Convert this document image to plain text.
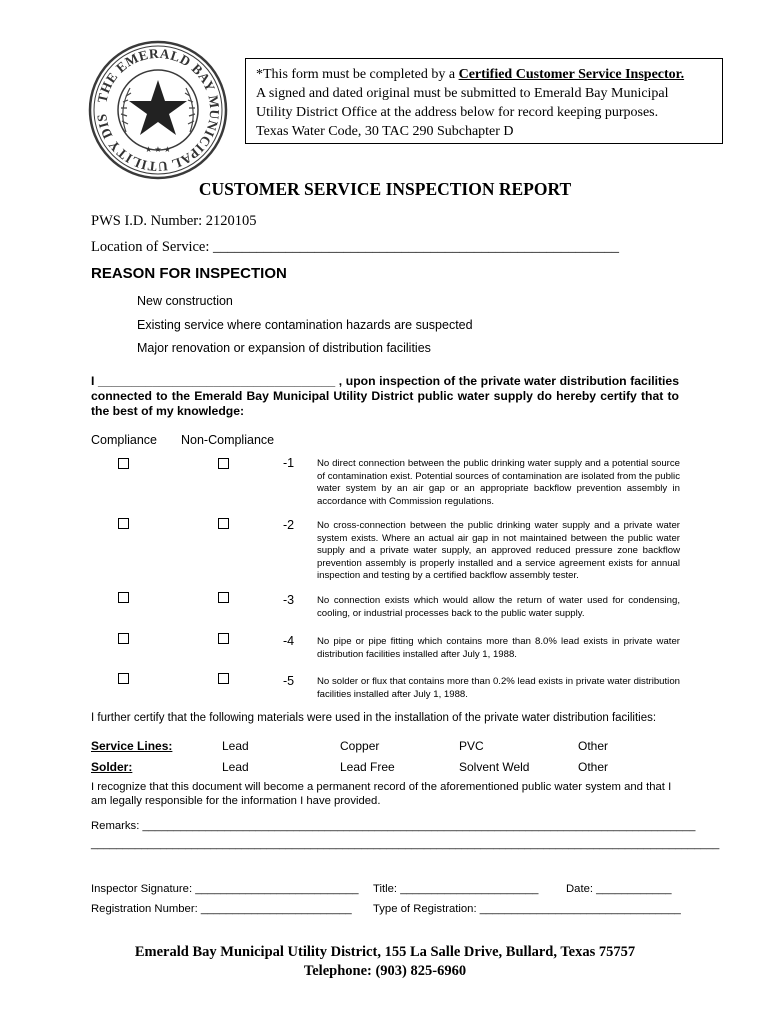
THE EMERALD BAY MUNICIPAL UTILITY DIS
★ ★ ★
*This form must be completed by a Certified Customer Service Inspector.
A signed and dated original must be submitted to Emerald Bay Municipal
Utility District Office at the address below for record keeping purposes.
Texas Water Code, 30 TAC 290 Subchapter D
CUSTOMER SERVICE INSPECTION REPORT
PWS I.D. Number: 2120105
Location of Service: ________________________________________________________
REASON FOR INSPECTION
New construction
Existing service where contamination hazards are suspected
Major renovation or expansion of distribution facilities
I ___________________________________ , upon inspection of the private water distribution facilities connected to the Emerald Bay Municipal Utility District public water supply do hereby certify that to the best of my knowledge:
Compliance Non-Compliance
-1 No direct connection between the public drinking water supply and a potential source of contamination exist. Potential sources of contamination are isolated from the public water system by an air gap or an appropriate backflow prevention assembly in accordance with Commission regulations.
-2 No cross-connection between the public drinking water supply and a private water system exists. Where an actual air gap in not maintained between the public water supply and a private water supply, an approved reduced pressure zone backflow prevention assembly is properly installed and a service agreement exists for annual inspection and testing by a certified backflow assembly tester.
-3 No connection exists which would allow the return of water used for condensing, cooling, or industrial processes back to the public water supply.
-4 No pipe or pipe fitting which contains more than 8.0% lead exists in private water distribution facilities installed after July 1, 1988.
-5 No solder or flux that contains more than 0.2% lead exists in private water distribution facilities installed after July 1, 1988.
I further certify that the following materials were used in the installation of the private water distribution facilities:
Service Lines:	Lead	Copper	PVC	Other
Solder:	Lead	Lead Free	Solvent Weld	Other
I recognize that this document will become a permanent record of the aforementioned public water system and that I am legally responsible for the information I have provided.
Remarks: ________________________________________________________________________________________
____________________________________________________________________________________________________
Inspector Signature: __________________________ Title: ______________________ Date: ____________
Registration Number: ________________________ Type of Registration: ________________________________
Emerald Bay Municipal Utility District, 155 La Salle Drive, Bullard, Texas 75757
Telephone: (903) 825-6960
